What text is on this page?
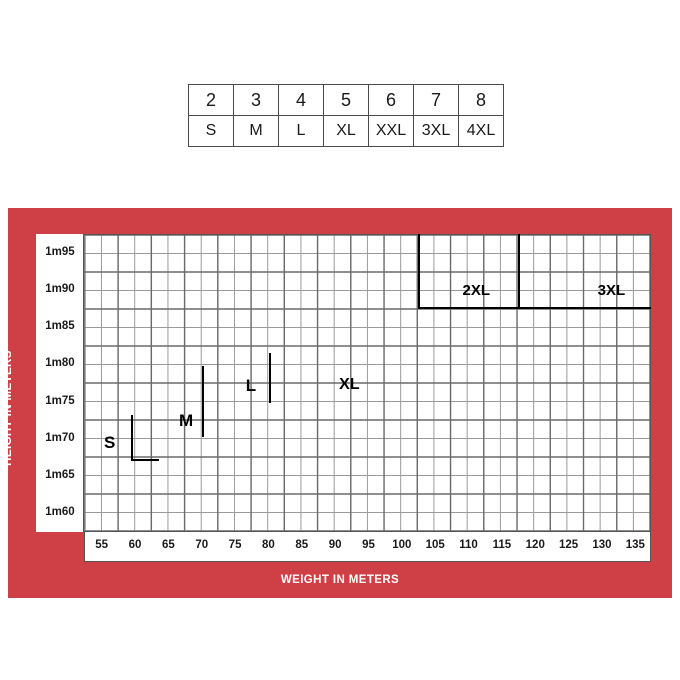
2	3	4	5	6	7	8
S	M	L	XL	XXL	3XL	4XL
HEIGHT IN METERS
WEIGHT IN METERS
1m95
1m90
1m85
1m80
1m75
1m70
1m65
1m60
55	60	65	70	75	80	85	90	95	100	105	110	115	120	125	130	135
S
M
L	XL
2XL	3XL
